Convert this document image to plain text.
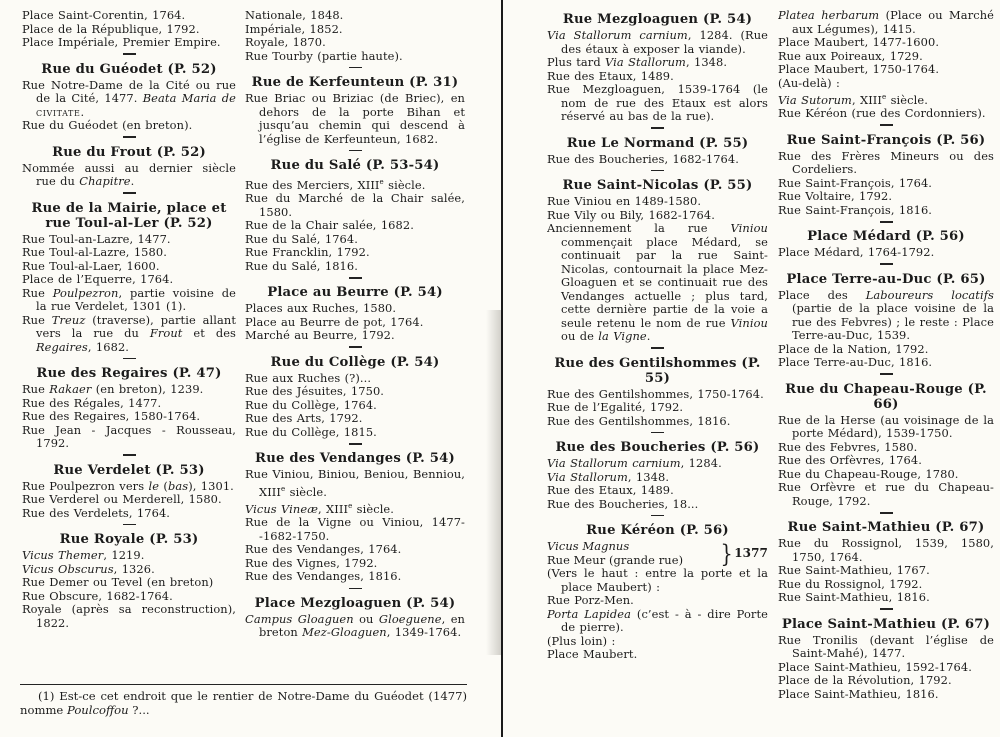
Place Saint-Corentin, 1764.
Place de la République, 1792.
Place Impériale, Premier Empire.
Rue du Guéodet (P. 52)
Rue Notre-Dame de la Cité ou rue de la Cité, 1477. Beata Maria de civitate.
Rue du Guéodet (en breton).
Rue du Frout (P. 52)
Nommée aussi au dernier siècle rue du Chapitre.
Rue de la Mairie, place et rue Toul-al-Ler (P. 52)
Rue Toul-an-Lazre, 1477.
Rue Toul-al-Lazre, 1580.
Rue Toul-al-Laer, 1600.
Place de l’Equerre, 1764.
Rue Poulpezron, partie voisine de la rue Verdelet, 1301 (1).
Rue Treuz (traverse), partie allant vers la rue du Frout et des Regaires, 1682.
Rue des Regaires (P. 47)
Rue Rakaer (en breton), 1239.
Rue des Régales, 1477.
Rue des Regaires, 1580-1764.
Rue Jean - Jacques - Rousseau, 1792.
Rue Verdelet (P. 53)
Rue Poulpezron vers le (bas), 1301.
Rue Verderel ou Merderell, 1580.
Rue des Verdelets, 1764.
Rue Royale (P. 53)
Vicus Themer, 1219.
Vicus Obscurus, 1326.
Rue Demer ou Tevel (en breton)
Rue Obscure, 1682-1764.
Royale (après sa reconstruction), 1822.
Nationale, 1848.
Impériale, 1852.
Royale, 1870.
Rue Tourby (partie haute).
Rue de Kerfeunteun (P. 31)
Rue Briac ou Briziac (de Briec), en dehors de la porte Bihan et jusqu’au chemin qui descend à l’église de Kerfeunteun, 1682.
Rue du Salé (P. 53-54)
Rue des Merciers, XIIIe siècle.
Rue du Marché de la Chair salée, 1580.
Rue de la Chair salée, 1682.
Rue du Salé, 1764.
Rue Francklin, 1792.
Rue du Salé, 1816.
Place au Beurre (P. 54)
Places aux Ruches, 1580.
Place au Beurre de pot, 1764.
Marché au Beurre, 1792.
Rue du Collège (P. 54)
Rue aux Ruches (?)...
Rue des Jésuites, 1750.
Rue du Collège, 1764.
Rue des Arts, 1792.
Rue du Collège, 1815.
Rue des Vendanges (P. 54)
Rue Viniou, Biniou, Beniou, Benniou, XIIIe siècle.
Vicus Vineæ, XIIIe siècle.
Rue de la Vigne ou Viniou, 1477--1682-1750.
Rue des Vendanges, 1764.
Rue des Vignes, 1792.
Rue des Vendanges, 1816.
Place Mezgloaguen (P. 54)
Campus Gloaguen ou Gloeguene, en breton Mez-Gloaguen, 1349-1764.
Rue Mezgloaguen (P. 54)
Via Stallorum carnium, 1284. (Rue des étaux à exposer la viande).
Plus tard Via Stallorum, 1348.
Rue des Etaux, 1489.
Rue Mezgloaguen, 1539-1764 (le nom de rue des Etaux est alors réservé au bas de la rue).
Rue Le Normand (P. 55)
Rue des Boucheries, 1682-1764.
Rue Saint-Nicolas (P. 55)
Rue Viniou en 1489-1580.
Rue Vily ou Bily, 1682-1764.
Anciennement la rue Viniou commençait place Médard, se continuait par la rue Saint-Nicolas, contournait la place Mez-Gloaguen et se continuait rue des Vendanges actuelle ; plus tard, cette dernière partie de la voie a seule retenu le nom de rue Viniou ou de la Vigne.
Rue des Gentilshommes (P. 55)
Rue des Gentilshommes, 1750-1764.
Rue de l’Egalité, 1792.
Rue des Gentilshommes, 1816.
Rue des Boucheries (P. 56)
Via Stallorum carnium, 1284.
Via Stallorum, 1348.
Rue des Etaux, 1489.
Rue des Boucheries, 18...
Rue Kéréon (P. 56)
Vicus Magnus
Rue Meur (grande rue)	} 1377
(Vers le haut : entre la porte et la place Maubert) :
Rue Porz-Men.
Porta Lapidea (c’est - à - dire Porte de pierre).
(Plus loin) :
Place Maubert.
Platea herbarum (Place ou Marché aux Légumes), 1415.
Place Maubert, 1477-1600.
Rue aux Poireaux, 1729.
Place Maubert, 1750-1764.
(Au-delà) :
Via Sutorum, XIIIe siècle.
Rue Kéréon (rue des Cordonniers).
Rue Saint-François (P. 56)
Rue des Frères Mineurs ou des Cordeliers.
Rue Saint-François, 1764.
Rue Voltaire, 1792.
Rue Saint-François, 1816.
Place Médard (P. 56)
Place Médard, 1764-1792.
Place Terre-au-Duc (P. 65)
Place des Laboureurs locatifs (partie de la place voisine de la rue des Febvres) ; le reste : Place Terre-au-Duc, 1539.
Place de la Nation, 1792.
Place Terre-au-Duc, 1816.
Rue du Chapeau-Rouge (P. 66)
Rue de la Herse (au voisinage de la porte Médard), 1539-1750.
Rue des Febvres, 1580.
Rue des Orfèvres, 1764.
Rue du Chapeau-Rouge, 1780.
Rue Orfèvre et rue du Chapeau-Rouge, 1792.
Rue Saint-Mathieu (P. 67)
Rue du Rossignol, 1539, 1580, 1750, 1764.
Rue Saint-Mathieu, 1767.
Rue du Rossignol, 1792.
Rue Saint-Mathieu, 1816.
Place Saint-Mathieu (P. 67)
Rue Tronilis (devant l’église de Saint-Mahé), 1477.
Place Saint-Mathieu, 1592-1764.
Place de la Révolution, 1792.
Place Saint-Mathieu, 1816.
(1) Est-ce cet endroit que le rentier de Notre-Dame du Guéodet (1477) nomme Poulcoffou ?...
